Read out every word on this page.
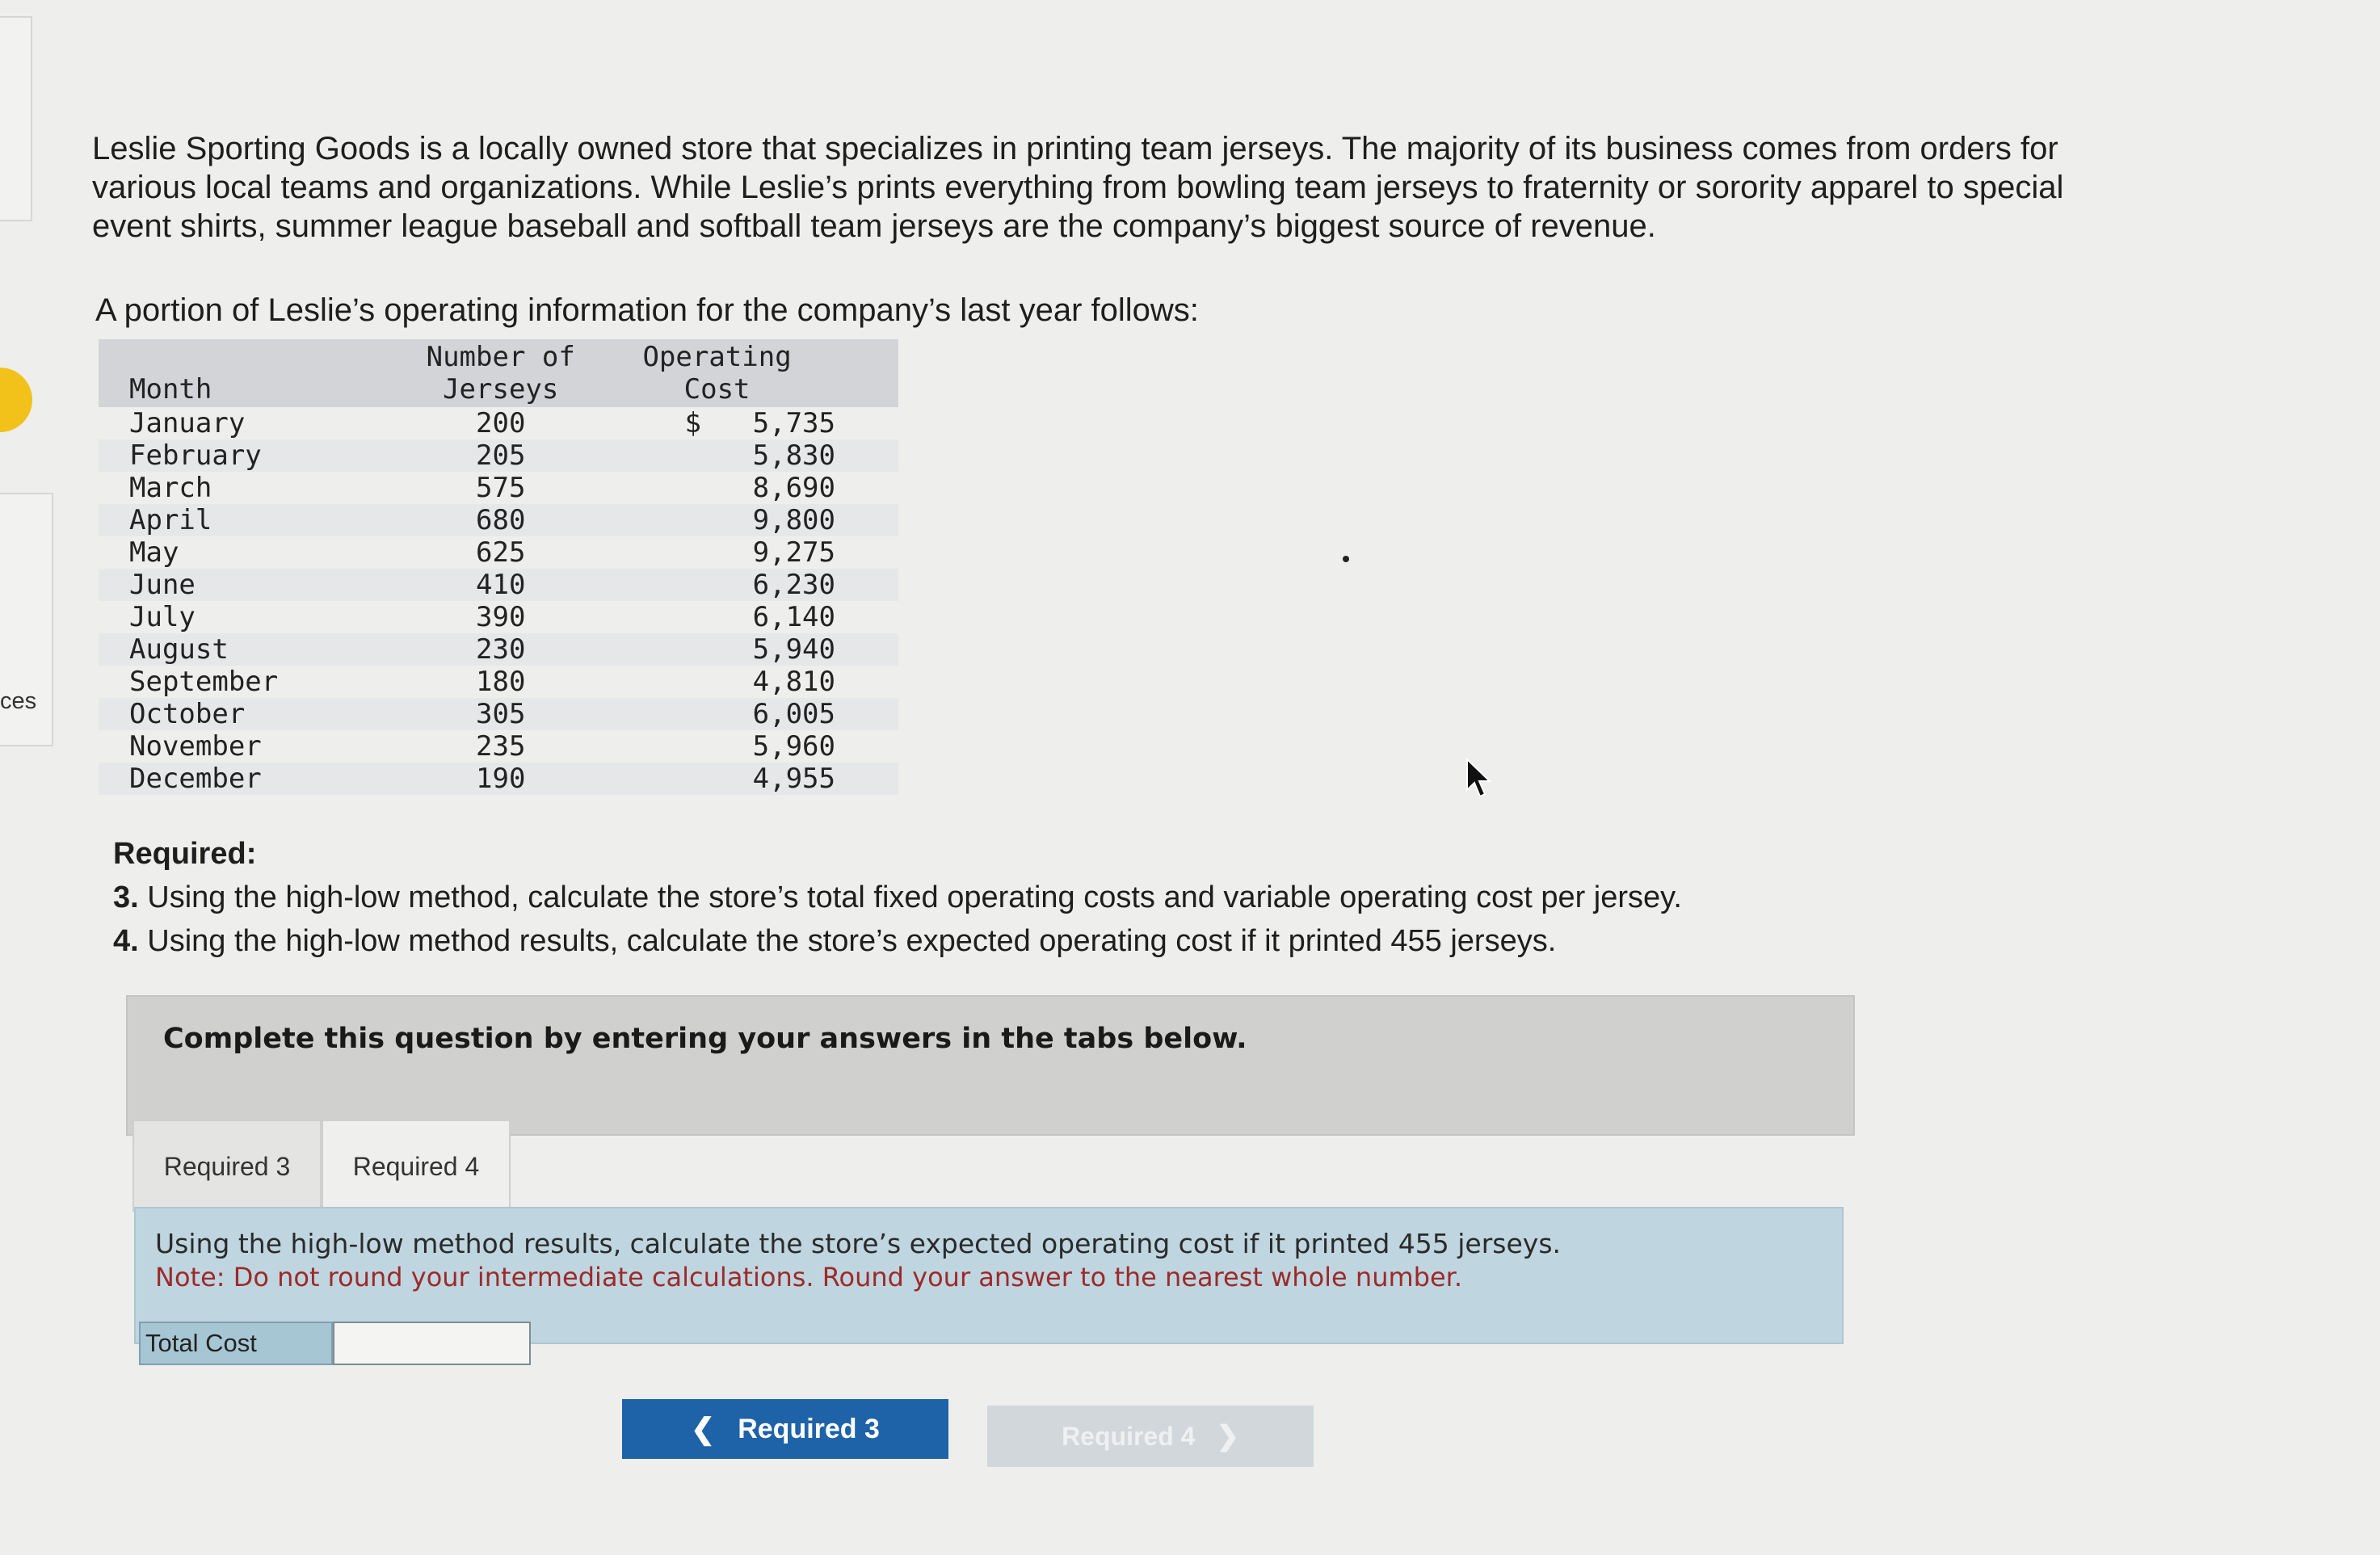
ces

Leslie Sporting Goods is a locally owned store that specializes in printing team jerseys. The majority of its business comes from orders for various local teams and organizations. While Leslie’s prints everything from bowling team jerseys to fraternity or sorority apparel to special event shirts, summer league baseball and softball team jerseys are the company’s biggest source of revenue.

A portion of Leslie’s operating information for the company’s last year follows:

Month	Number of Jerseys	Operating Cost
January	200	$ 5,735
February	205	5,830
March	575	8,690
April	680	9,800
May	625	9,275
June	410	6,230
July	390	6,140
August	230	5,940
September	180	4,810
October	305	6,005
November	235	5,960
December	190	4,955
Required:
3. Using the high-low method, calculate the store’s total fixed operating costs and variable operating cost per jersey.
4. Using the high-low method results, calculate the store’s expected operating cost if it printed 455 jerseys.
Complete this question by entering your answers in the tabs below.
Required 3	Required 4
Using the high-low method results, calculate the store’s expected operating cost if it printed 455 jerseys.
Note: Do not round your intermediate calculations. Round your answer to the nearest whole number.
Total Cost
❮ Required 3	Required 4 ❯
